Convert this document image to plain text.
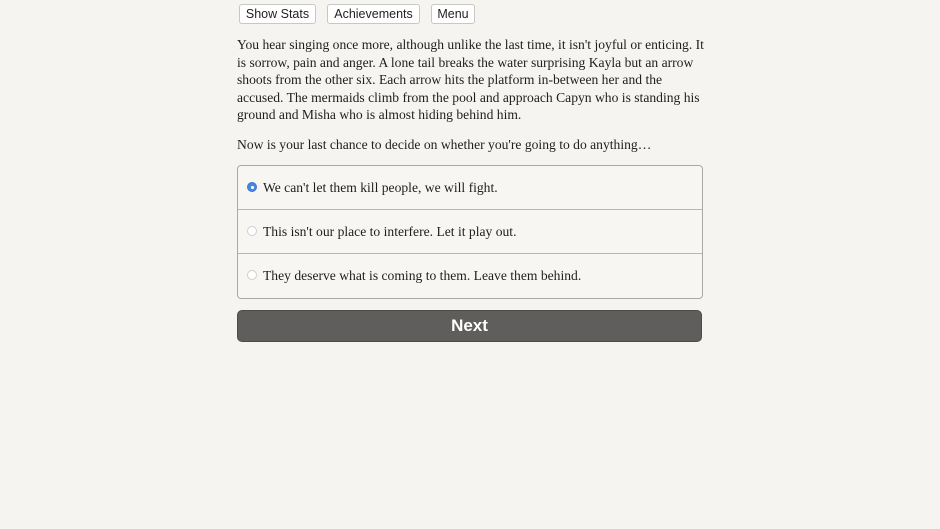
Show Stats	Achievements	Menu

You hear singing once more, although unlike the last time, it isn't joyful or enticing. It is sorrow, pain and anger. A lone tail breaks the water surprising Kayla but an arrow shoots from the other six. Each arrow hits the platform in-between her and the accused. The mermaids climb from the pool and approach Capyn who is standing his ground and Misha who is almost hiding behind him.

Now is your last chance to decide on whether you're going to do anything…

We can't let them kill people, we will fight.
This isn't our place to interfere. Let it play out.
They deserve what is coming to them. Leave them behind.
Next
